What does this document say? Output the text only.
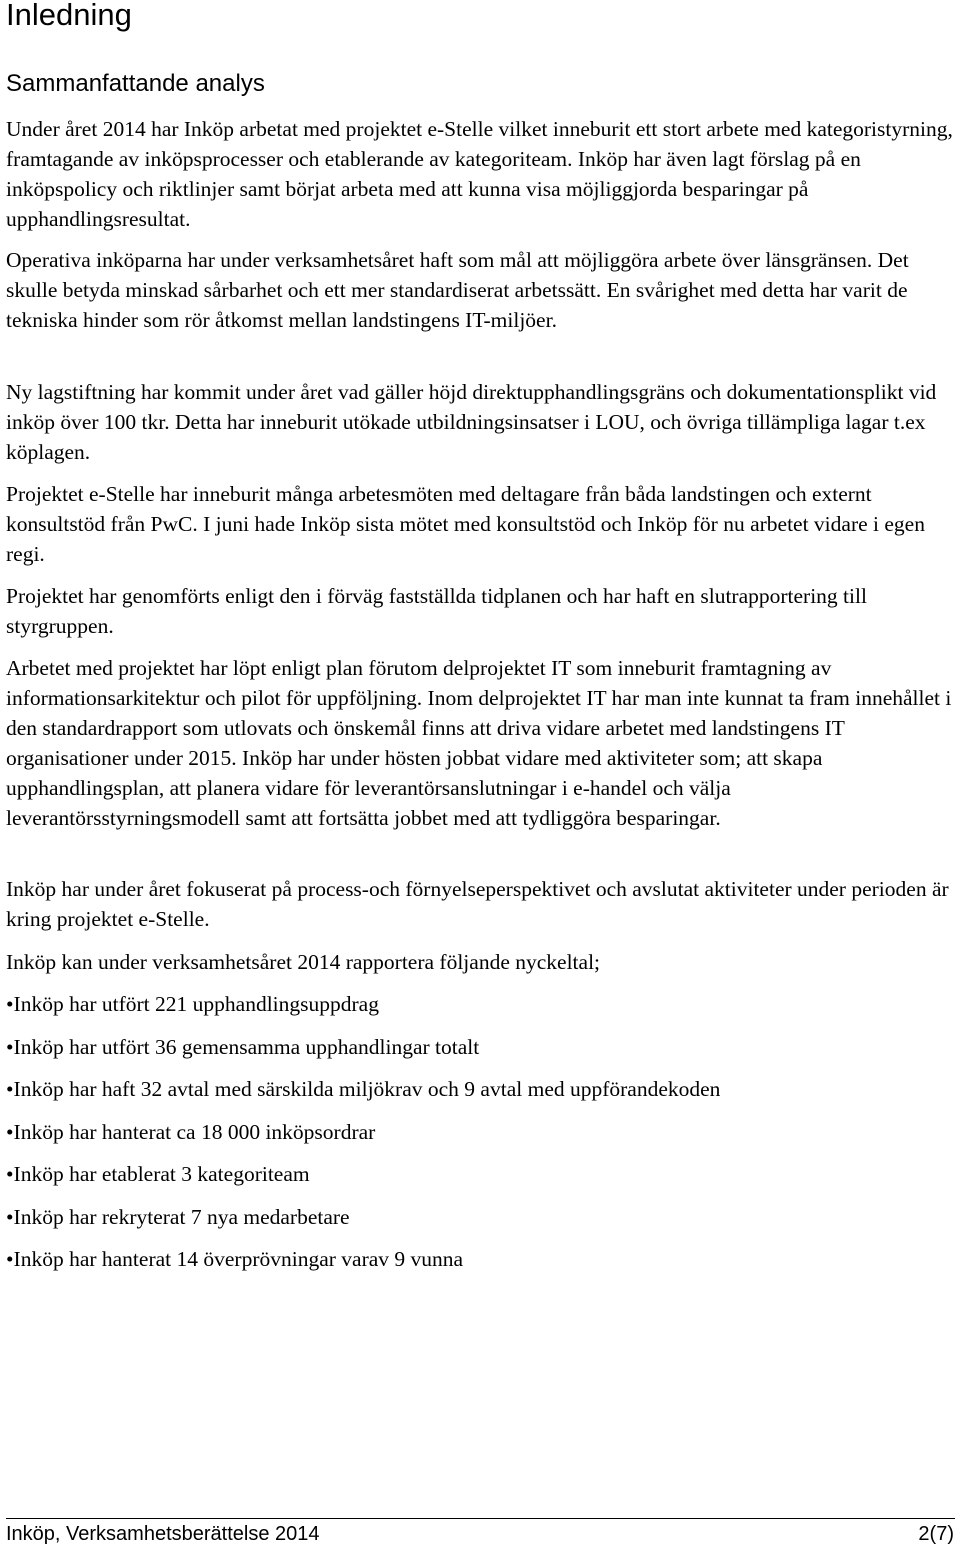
Inledning
Sammanfattande analys

Under året 2014 har Inköp arbetat med projektet e-Stelle vilket inneburit ett stort arbete med kategoristyrning, framtagande av inköpsprocesser och etablerande av kategoriteam. Inköp har även lagt förslag på en inköpspolicy och riktlinjer samt börjat arbeta med att kunna visa möjliggjorda besparingar på upphandlingsresultat.

Operativa inköparna har under verksamhetsåret haft som mål att möjliggöra arbete över länsgränsen. Det skulle betyda minskad sårbarhet och ett mer standardiserat arbetssätt. En svårighet med detta har varit de tekniska hinder som rör åtkomst mellan landstingens IT-miljöer.

Ny lagstiftning har kommit under året vad gäller höjd direktupphandlingsgräns och dokumentationsplikt vid inköp över 100 tkr. Detta har inneburit utökade utbildningsinsatser i LOU, och övriga tillämpliga lagar t.ex köplagen.

Projektet e-Stelle har inneburit många arbetesmöten med deltagare från båda landstingen och externt konsultstöd från PwC. I juni hade Inköp sista mötet med konsultstöd och Inköp för nu arbetet vidare i egen regi.

Projektet har genomförts enligt den i förväg fastställda tidplanen och har haft en slutrapportering till styrgruppen.

Arbetet med projektet har löpt enligt plan förutom delprojektet IT som inneburit framtagning av informationsarkitektur och pilot för uppföljning. Inom delprojektet IT har man inte kunnat ta fram innehållet i den standardrapport som utlovats och önskemål finns att driva vidare arbetet med landstingens IT organisationer under 2015. Inköp har under hösten jobbat vidare med aktiviteter som; att skapa upphandlingsplan, att planera vidare för leverantörsanslutningar i e-handel och välja leverantörsstyrningsmodell samt att fortsätta jobbet med att tydliggöra besparingar.

Inköp har under året fokuserat på process-och förnyelseperspektivet och avslutat aktiviteter under perioden är kring projektet e-Stelle.

Inköp kan under verksamhetsåret 2014 rapportera följande nyckeltal;

•Inköp har utfört 221 upphandlingsuppdrag
•Inköp har utfört 36 gemensamma upphandlingar totalt
•Inköp har haft 32 avtal med särskilda miljökrav och 9 avtal med uppförandekoden
•Inköp har hanterat ca 18 000 inköpsordrar
•Inköp har etablerat 3 kategoriteam
•Inköp har rekryterat 7 nya medarbetare
•Inköp har hanterat 14 överprövningar varav 9 vunna
Inköp, Verksamhetsberättelse 2014	2(7)
